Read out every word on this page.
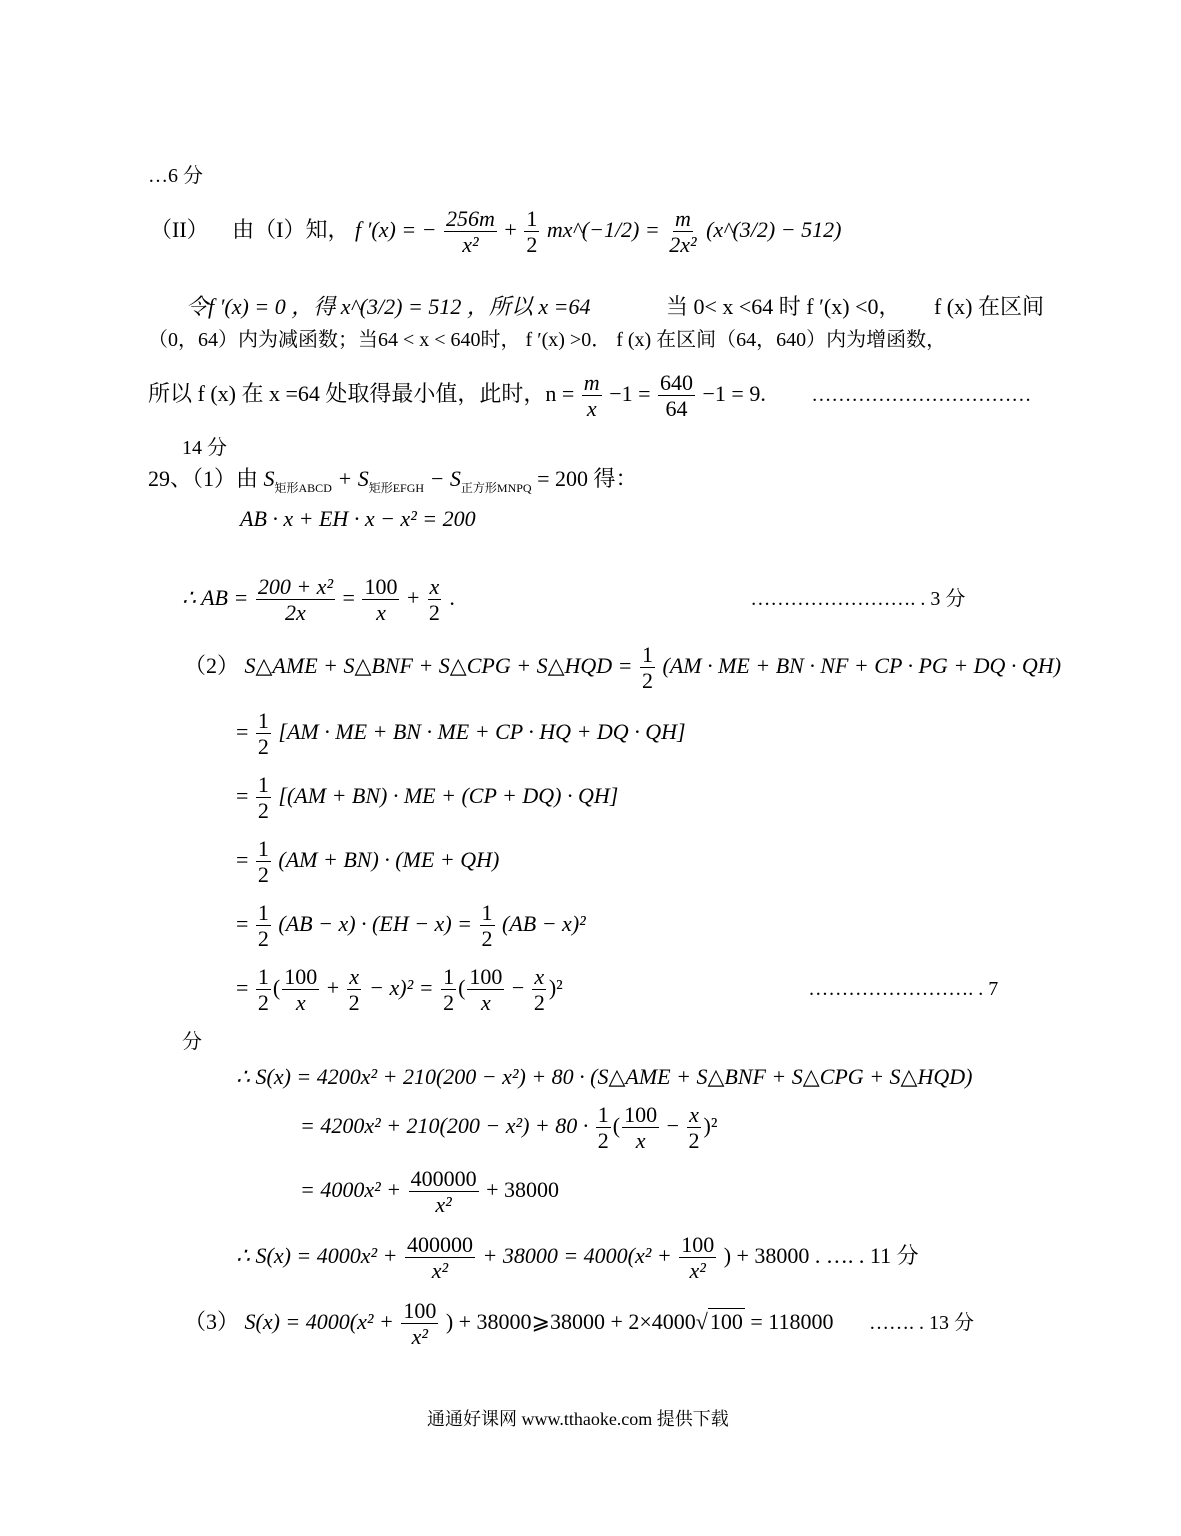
…6 分
（II） 由（I）知， f ′(x) = − $\frac{256m}{\text{x²}} + \frac{1}{2}$ mx^(−1/2) = $\frac{m}{\text{2x²}}$ (x^(3/2) − 512)
令f ′(x) = 0 ，得 x^(3/2) = 512 ，所以 x =64	当 0< x <64 时 f ′(x) <0， f (x) 在区间
（0，64）内为减函数；当64 < x < 640时， f ′(x) >0． f (x) 在区间（64，640）内为增函数，
所以 f (x) 在 x =64 处取得最小值，此时，$n = \frac{m}{x} -1 = \frac{640}{64} -1 = 9$. ……………………………
14 分
29、（1）由 $S_{矩形ABCD} + S_{矩形EFGH} - S_{正方形MNPQ} = 200$ 得：
AB · x + EH · x − x² = 200
∴ AB = $\frac{\text{200 + x²}}{2x} = \frac{100}{x} + \frac{x}{2}$ .	……………………. . 3 分
（2） S△AME + S△BNF + S△CPG + S△HQD = $\frac{1}{2} (AM$ · ME + BN · NF + CP · PG + DQ · QH)
= $\frac{1}{2} [AM$ · ME + BN · ME + CP · HQ + DQ · QH]
= $\frac{1}{2} [(AM + BN)$ · ME + (CP + DQ) · QH]
= $\frac{1}{2} (AM + BN) \cdot (ME + QH)$
= $\frac{1}{2} (AB - x) \cdot (EH - x) = \frac{1}{2} (AB - x)^2$
= $\frac{1}{2}$ ( $\frac{100}{x} + \frac{x}{2} - x)^2 = \frac{1}{2}$ ( $\frac{100}{x} - \frac{x}{2} )^2$	……………………. . 7
分
∴ S(x) = 4200x² + 210(200 − x²) + 80 · (S△AME + S△BNF + S△CPG + S△HQD)
= $4200x^2 + 210(200 - x^2) + 80 \cdot \frac{1}{2}$ ( $\frac{100}{x} - \frac{x}{2} )^2$
= $4000x^2 + \frac{400000}{\text{x²}} + 38000$
∴ $S(x) = 4000x^2 + \frac{400000}{\text{x²}} + 38000 = 4000(x^2 + \frac{100}{\text{x²}}$ ) + 38000 . …. . 11 分
（3） $S(x) = 4000(x^2 + \frac{100}{\text{x²}}$ ) + 38000⩾38000 + 2×4000√100 = 118000 ……. . 13 分
通通好课网 www.tthaoke.com 提供下载
